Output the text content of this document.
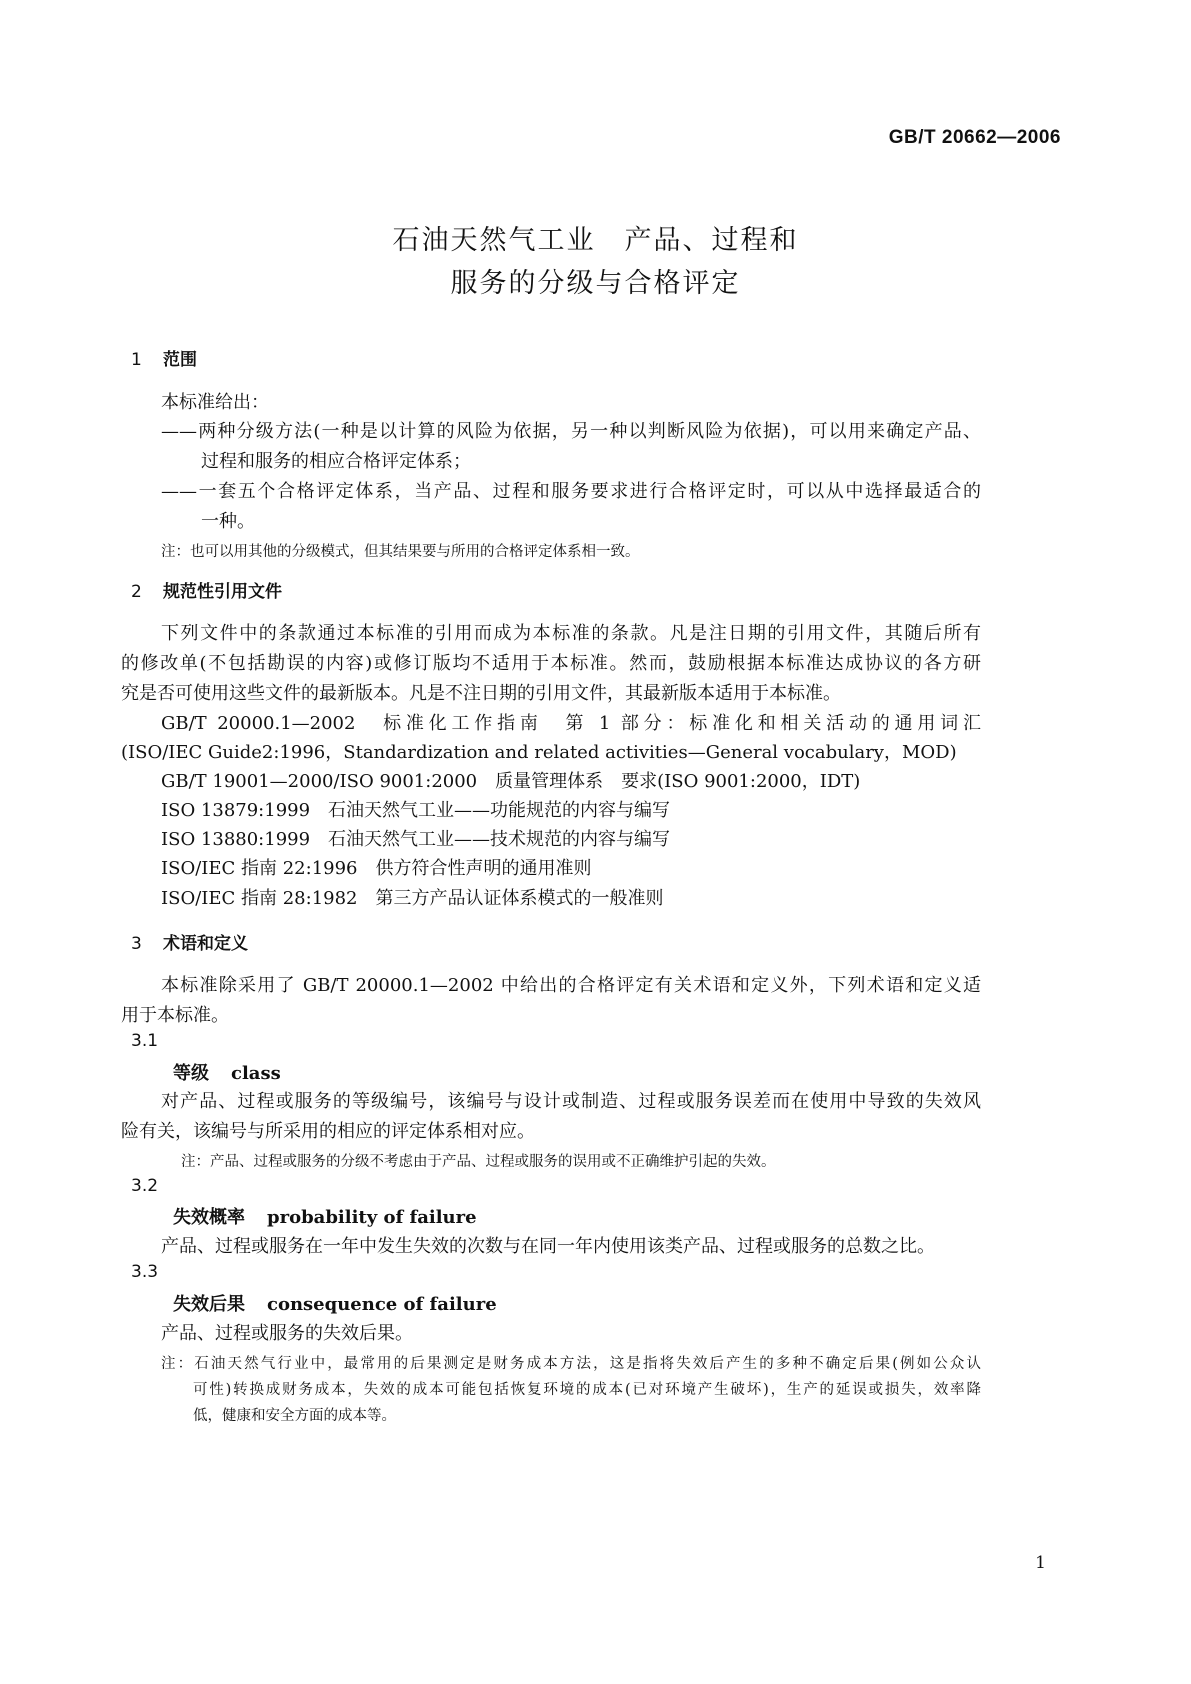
GB/T 20662—2006
石油天然气工业　产品、过程和
服务的分级与合格评定
1 范围
本标准给出：
——两种分级方法(一种是以计算的风险为依据，另一种以判断风险为依据)，可以用来确定产品、
过程和服务的相应合格评定体系；
——一套五个合格评定体系，当产品、过程和服务要求进行合格评定时，可以从中选择最适合的
一种。
注：也可以用其他的分级模式，但其结果要与所用的合格评定体系相一致。
2 规范性引用文件
下列文件中的条款通过本标准的引用而成为本标准的条款。凡是注日期的引用文件，其随后所有
的修改单(不包括勘误的内容)或修订版均不适用于本标准。然而，鼓励根据本标准达成协议的各方研
究是否可使用这些文件的最新版本。凡是不注日期的引用文件，其最新版本适用于本标准。
GB/T 20000.1—2002　标准化工作指南　第 1 部分：标准化和相关活动的通用词汇
(ISO/IEC Guide2:1996，Standardization and related activities—General vocabulary，MOD)
GB/T 19001—2000/ISO 9001:2000　质量管理体系　要求(ISO 9001:2000，IDT)
ISO 13879:1999　石油天然气工业——功能规范的内容与编写
ISO 13880:1999　石油天然气工业——技术规范的内容与编写
ISO/IEC 指南 22:1996　供方符合性声明的通用准则
ISO/IEC 指南 28:1982　第三方产品认证体系模式的一般准则
3 术语和定义
本标准除采用了 GB/T 20000.1—2002 中给出的合格评定有关术语和定义外，下列术语和定义适
用于本标准。
3.1
等级 class
对产品、过程或服务的等级编号，该编号与设计或制造、过程或服务误差而在使用中导致的失效风
险有关，该编号与所采用的相应的评定体系相对应。
注：产品、过程或服务的分级不考虑由于产品、过程或服务的误用或不正确维护引起的失效。
3.2
失效概率 probability of failure
产品、过程或服务在一年中发生失效的次数与在同一年内使用该类产品、过程或服务的总数之比。
3.3
失效后果 consequence of failure
产品、过程或服务的失效后果。
注：石油天然气行业中，最常用的后果测定是财务成本方法，这是指将失效后产生的多种不确定后果(例如公众认
可性)转换成财务成本，失效的成本可能包括恢复环境的成本(已对环境产生破坏)，生产的延误或损失，效率降
低，健康和安全方面的成本等。
1
